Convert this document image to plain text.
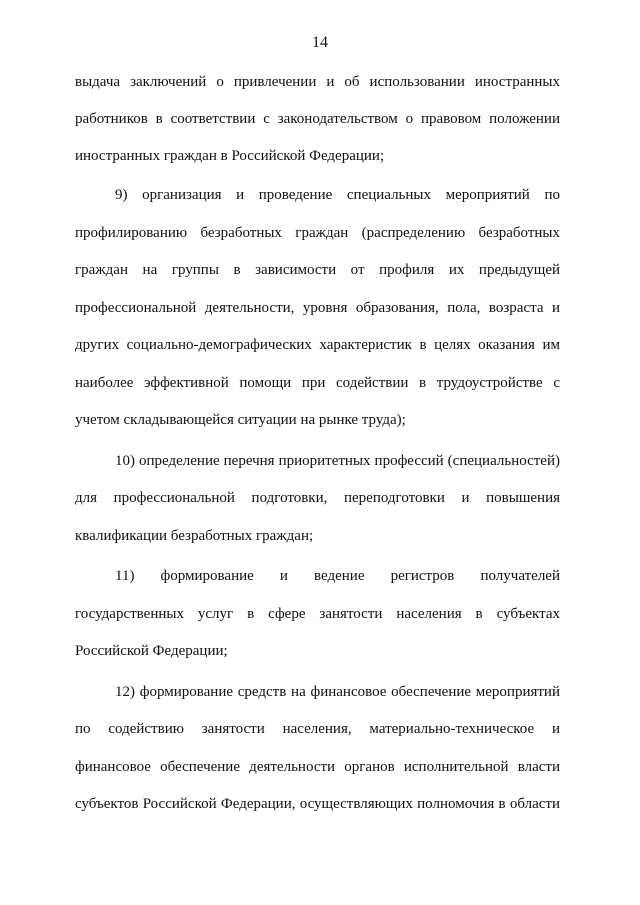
14
выдача заключений о привлечении и об использовании иностранных
работников в соответствии с законодательством о правовом положении
иностранных граждан в Российской Федерации;
9) организация и проведение специальных мероприятий по
профилированию безработных граждан (распределению безработных
граждан на группы в зависимости от профиля их предыдущей
профессиональной деятельности, уровня образования, пола, возраста и
других социально-демографических характеристик в целях оказания им
наиболее эффективной помощи при содействии в трудоустройстве с
учетом складывающейся ситуации на рынке труда);
10) определение перечня приоритетных профессий (специальностей)
для профессиональной подготовки, переподготовки и повышения
квалификации безработных граждан;
11) формирование и ведение регистров получателей
государственных услуг в сфере занятости населения в субъектах
Российской Федерации;
12) формирование средств на финансовое обеспечение мероприятий
по содействию занятости населения, материально-техническое и
финансовое обеспечение деятельности органов исполнительной власти
субъектов Российской Федерации, осуществляющих полномочия в области
